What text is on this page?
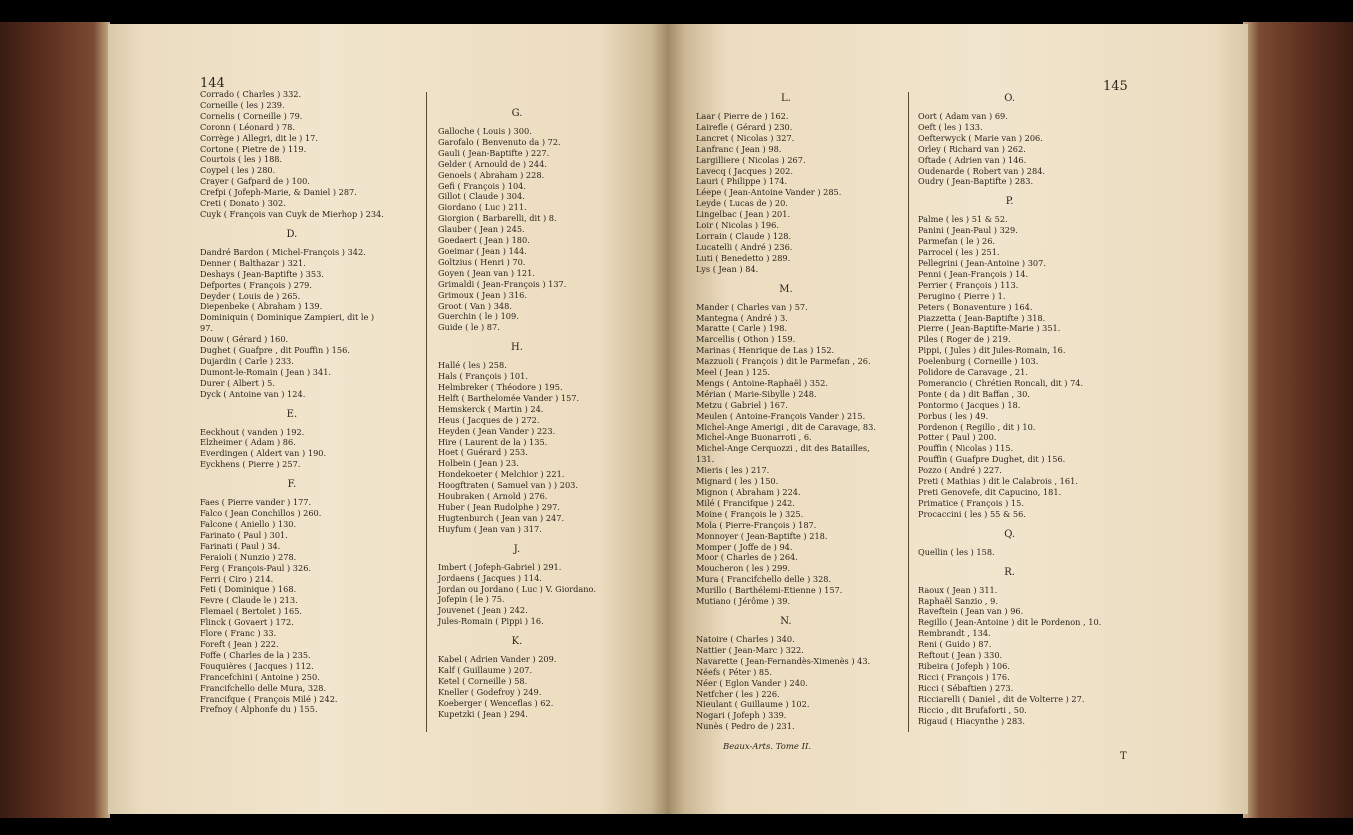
144
Corrado ( Charles ) 332.
Corneille ( les ) 239.
Cornelis ( Corneille ) 79.
Coronn ( Léonard ) 78.
Corrège ) Allegri, dit le ) 17.
Cortone ( Pietre de ) 119.
Courtois ( les ) 188.
Coypel ( les ) 280.
Crayer ( Gafpard de ) 100.
Crefpi ( Jofeph-Marie, & Daniel ) 287.
Creti ( Donato ) 302.
Cuyk ( François van Cuyk de Mierhop ) 234.
D.
Dandré Bardon ( Michel-François ) 342.
Denner ( Balthazar ) 321.
Deshays ( Jean-Baptifte ) 353.
Defportes ( François ) 279.
Deyder ( Louis de ) 265.
Diepenbeke ( Abraham ) 139.
Dominiquin ( Dominique Zampieri, dit le )
97.
Douw ( Gérard ) 160.
Dughet ( Guafpre , dit Pouffin ) 156.
Dujardin ( Carle ) 233.
Dumont-le-Romain ( Jean ) 341.
Durer ( Albert ) 5.
Dyck ( Antoine van ) 124.
E.
Eeckhout ( vanden ) 192.
Elzheimer ( Adam ) 86.
Everdingen ( Aldert van ) 190.
Eyckhens ( Pierre ) 257.
F.
Faes ( Pierre vander ) 177.
Falco ( Jean Conchillos ) 260.
Falcone ( Aniello ) 130.
Farinato ( Paul ) 301.
Farinati ( Paul ) 34.
Feraioli ( Nunzio ) 278.
Ferg ( François-Paul ) 326.
Ferri ( Ciro ) 214.
Feti ( Dominique ) 168.
Fevre ( Claude le ) 213.
Flemael ( Bertolet ) 165.
Flinck ( Govaert ) 172.
Flore ( Franc ) 33.
Foreft ( Jean ) 222.
Foffe ( Charles de la ) 235.
Fouquières ( Jacques ) 112.
Francefchini ( Antoine ) 250.
Francifchello delle Mura, 328.
Francifque ( François Milé ) 242.
Frefnoy ( Alphonfe du ) 155.
G.
Galloche ( Louis ) 300.
Garofalo ( Benvenuto da ) 72.
Gauli ( Jean-Baptifte ) 227.
Gelder ( Arnould de ) 244.
Genoels ( Abraham ) 228.
Gefi ( François ) 104.
Gillot ( Claude ) 304.
Giordano ( Luc ) 211.
Giorgion ( Barbarelli, dit ) 8.
Glauber ( Jean ) 245.
Goedaert ( Jean ) 180.
Goeimar ( Jean ) 144.
Goltzius ( Henri ) 70.
Goyen ( Jean van ) 121.
Grimaldi ( Jean-François ) 137.
Grimoux ( Jean ) 316.
Groot ( Van ) 348.
Guerchin ( le ) 109.
Guide ( le ) 87.
H.
Hallé ( les ) 258.
Hals ( François ) 101.
Helmbreker ( Théodore ) 195.
Helft ( Barthelomée Vander ) 157.
Hemskerck ( Martin ) 24.
Heus ( Jacques de ) 272.
Heyden ( Jean Vander ) 223.
Hire ( Laurent de la ) 135.
Hoet ( Guérard ) 253.
Holbein ( Jean ) 23.
Hondekoeter ( Melchior ) 221.
Hoogftraten ( Samuel van ) ) 203.
Houbraken ( Arnold ) 276.
Huber ( Jean Rudolphe ) 297.
Hugtenburch ( Jean van ) 247.
Huyfum ( Jean van ) 317.
J.
Imbert ( Jofeph-Gabriel ) 291.
Jordaens ( Jacques ) 114.
Jordan ou Jordano ( Luc ) V. Giordano.
Jofepin ( le ) 75.
Jouvenet ( Jean ) 242.
Jules-Romain ( Pippi ) 16.
K.
Kabel ( Adrien Vander ) 209.
Kalf ( Guillaume ) 207.
Ketel ( Corneille ) 58.
Kneller ( Godefroy ) 249.
Koeberger ( Wenceflas ) 62.
Kupetzki ( Jean ) 294.
145
L.
Laar ( Pierre de ) 162.
Lairefle ( Gérard ) 230.
Lancret ( Nicolas ) 327.
Lanfranc ( Jean ) 98.
Largilliere ( Nicolas ) 267.
Lavecq ( Jacques ) 202.
Lauri ( Philippe ) 174.
Léepe ( Jean-Antoine Vander ) 285.
Leyde ( Lucas de ) 20.
Lingelbac ( Jean ) 201.
Loir ( Nicolas ) 196.
Lorrain ( Claude ) 128.
Lucatelli ( André ) 236.
Luti ( Benedetto ) 289.
Lys ( Jean ) 84.
M.
Mander ( Charles van ) 57.
Mantegna ( André ) 3.
Maratte ( Carle ) 198.
Marcellis ( Othon ) 159.
Marinas ( Henrique de Las ) 152.
Mazzuoli ( François ) dit le Parmefan , 26.
Meel ( Jean ) 125.
Mengs ( Antoine-Raphaël ) 352.
Mérian ( Marie-Sibylle ) 248.
Metzu ( Gabriel ) 167.
Meulen ( Antoine-François Vander ) 215.
Michel-Ange Amerigi , dit de Caravage, 83.
Michel-Ange Buonarroti , 6.
Michel-Ange Cerquozzi , dit des Batailles,
131.
Mieris ( les ) 217.
Mignard ( les ) 150.
Mignon ( Abraham ) 224.
Milé ( Francifque ) 242.
Moine ( François le ) 325.
Mola ( Pierre-François ) 187.
Monnoyer ( Jean-Baptifte ) 218.
Momper ( Joffe de ) 94.
Moor ( Charles de ) 264.
Moucheron ( les ) 299.
Mura ( Francifchello delle ) 328.
Murillo ( Barthélemi-Etienne ) 157.
Mutiano ( Jérôme ) 39.
N.
Natoire ( Charles ) 340.
Nattier ( Jean-Marc ) 322.
Navarette ( Jean-Fernandès-Ximenès ) 43.
Néefs ( Péter ) 85.
Néer ( Eglon Vander ) 240.
Netfcher ( les ) 226.
Nieulant ( Guillaume ) 102.
Nogari ( Jofeph ) 339.
Nunès ( Pedro de ) 231.
O.
Oort ( Adam van ) 69.
Oeft ( les ) 133.
Oefterwyck ( Marie van ) 206.
Orley ( Richard van ) 262.
Oftade ( Adrien van ) 146.
Oudenarde ( Robert van ) 284.
Oudry ( Jean-Baptifte ) 283.
P.
Palme ( les ) 51 & 52.
Panini ( Jean-Paul ) 329.
Parmefan ( le ) 26.
Parrocel ( les ) 251.
Pellegrini ( Jean-Antoine ) 307.
Penni ( Jean-François ) 14.
Perrier ( François ) 113.
Perugino ( Pierre ) 1.
Peters ( Bonaventure ) 164.
Piazzetta ( Jean-Baptifte ) 318.
Pierre ( Jean-Baptifte-Marie ) 351.
Piles ( Roger de ) 219.
Pippi, ( Jules ) dit Jules-Romain, 16.
Poelenburg ( Corneille ) 103.
Polidore de Caravage , 21.
Pomerancio ( Chrétien Roncali, dit ) 74.
Ponte ( da ) dit Baffan , 30.
Pontormo ( Jacques ) 18.
Porbus ( les ) 49.
Pordenon ( Regillo , dit ) 10.
Potter ( Paul ) 200.
Pouffin ( Nicolas ) 115.
Pouffin ( Guafpre Dughet, dit ) 156.
Pozzo ( André ) 227.
Preti ( Mathias ) dit le Calabrois , 161.
Preti Genovefe, dit Capucino, 181.
Primatice ( François ) 15.
Procaccini ( les ) 55 & 56.
Q.
Quellin ( les ) 158.
R.
Raoux ( Jean ) 311.
Raphaël Sanzio , 9.
Raveftein ( Jean van ) 96.
Regillo ( Jean-Antoine ) dit le Pordenon , 10.
Rembrandt , 134.
Reni ( Guido ) 87.
Reftout ( Jean ) 330.
Ribeira ( Jofeph ) 106.
Ricci ( François ) 176.
Ricci ( Sébaftien ) 273.
Ricciarelli ( Daniel , dit de Volterre ) 27.
Riccio , dit Brufaforti , 50.
Rigaud ( Hiacynthe ) 283.
Beaux-Arts. Tome II.
T
